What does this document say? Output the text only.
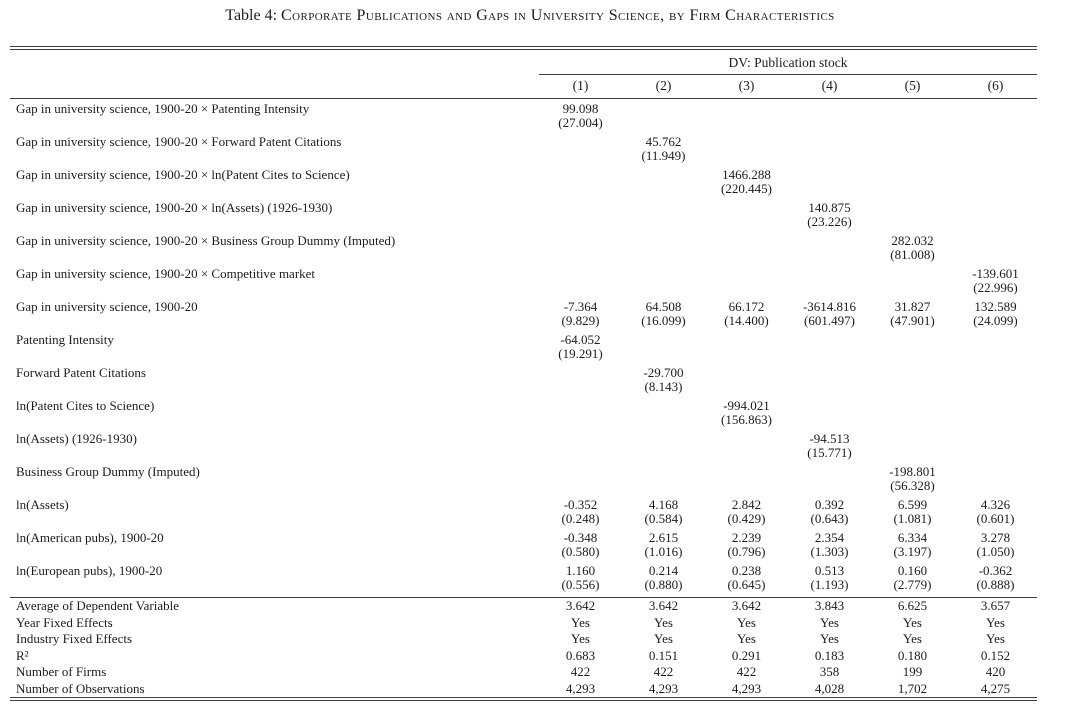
Table 4: Corporate Publications and Gaps in University Science, by Firm Characteristics
	DV: Publication stock					
	(1)	(2)	(3)	(4)	(5)	(6)
Gap in university science, 1900-20 × Patenting Intensity	99.098					
	(27.004)					
Gap in university science, 1900-20 × Forward Patent Citations		45.762				
		(11.949)				
Gap in university science, 1900-20 × ln(Patent Cites to Science)			1466.288			
			(220.445)			
Gap in university science, 1900-20 × ln(Assets) (1926-1930)				140.875		
				(23.226)		
Gap in university science, 1900-20 × Business Group Dummy (Imputed)					282.032	
					(81.008)	
Gap in university science, 1900-20 × Competitive market						-139.601
						(22.996)
Gap in university science, 1900-20	-7.364	64.508	66.172	-3614.816	31.827	132.589
	(9.829)	(16.099)	(14.400)	(601.497)	(47.901)	(24.099)
Patenting Intensity	-64.052					
	(19.291)					
Forward Patent Citations		-29.700				
		(8.143)				
ln(Patent Cites to Science)			-994.021			
			(156.863)			
ln(Assets) (1926-1930)				-94.513		
				(15.771)		
Business Group Dummy (Imputed)					-198.801	
					(56.328)	
ln(Assets)	-0.352	4.168	2.842	0.392	6.599	4.326
	(0.248)	(0.584)	(0.429)	(0.643)	(1.081)	(0.601)
ln(American pubs), 1900-20	-0.348	2.615	2.239	2.354	6.334	3.278
	(0.580)	(1.016)	(0.796)	(1.303)	(3.197)	(1.050)
ln(European pubs), 1900-20	1.160	0.214	0.238	0.513	0.160	-0.362
	(0.556)	(0.880)	(0.645)	(1.193)	(2.779)	(0.888)
Average of Dependent Variable	3.642	3.642	3.642	3.843	6.625	3.657
Year Fixed Effects	Yes	Yes	Yes	Yes	Yes	Yes
Industry Fixed Effects	Yes	Yes	Yes	Yes	Yes	Yes
R²	0.683	0.151	0.291	0.183	0.180	0.152
Number of Firms	422	422	422	358	199	420
Number of Observations	4,293	4,293	4,293	4,028	1,702	4,275
